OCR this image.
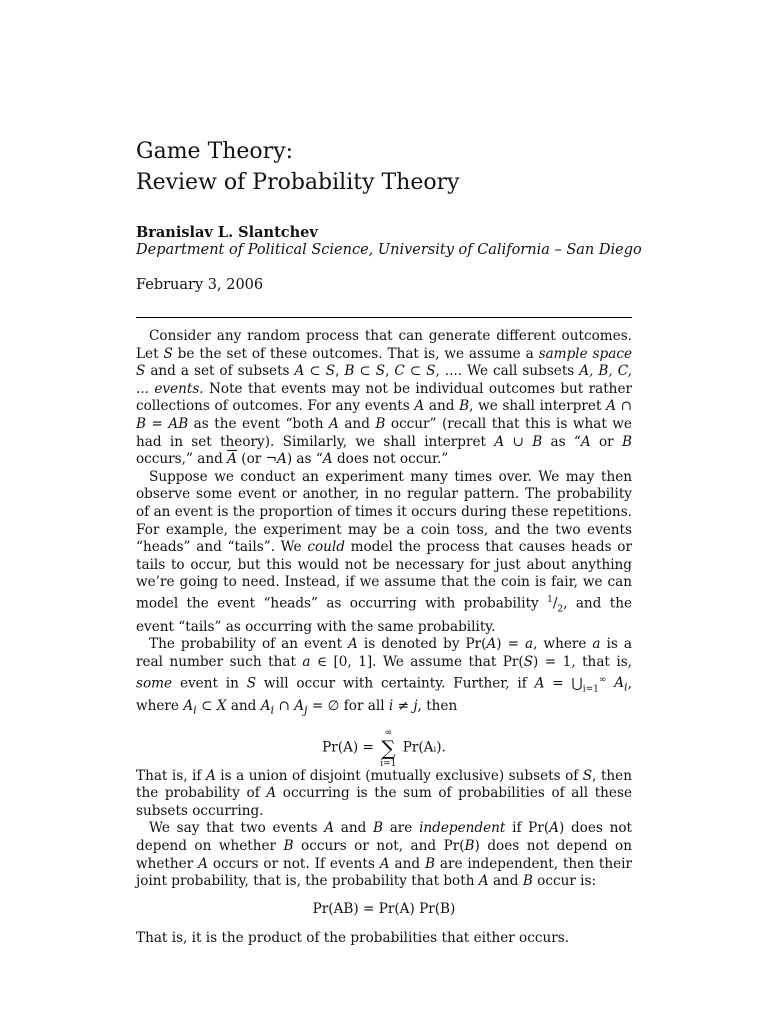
Game Theory:
Review of Probability Theory
Branislav L. Slantchev
Department of Political Science, University of California – San Diego
February 3, 2006

Consider any random process that can generate different outcomes. Let S be the set of these outcomes. That is, we assume a sample space S and a set of subsets A ⊂ S, B ⊂ S, C ⊂ S, .... We call subsets A, B, C, ... events. Note that events may not be individual outcomes but rather collections of outcomes. For any events A and B, we shall interpret A ∩ B = AB as the event “both A and B occur” (recall that this is what we had in set theory). Similarly, we shall interpret A ∪ B as “A or B occurs,” and $\overline{A}$ (or ¬A) as “A does not occur.”

Suppose we conduct an experiment many times over. We may then observe some event or another, in no regular pattern. The probability of an event is the proportion of times it occurs during these repetitions. For example, the experiment may be a coin toss, and the two events “heads” and “tails”. We could model the process that causes heads or tails to occur, but this would not be necessary for just about anything we’re going to need. Instead, if we assume that the coin is fair, we can model the event “heads” as occurring with probability $^1/_2$, and the event “tails” as occurring with the same probability.

The probability of an event A is denoted by Pr(A) = a, where a is a real number such that a ∈ [0, 1]. We assume that Pr(S) = 1, that is, some event in S will occur with certainty. Further, if $A = ⋃_{i=1}^\infty$ $A_i$, where $A_i$ ⊂ X and $A_i$ ∩ $A_j$ = ∅ for all i ≠ j, then

Pr(A) = ∞
∑
i=1 Pr(Aᵢ).

That is, if A is a union of disjoint (mutually exclusive) subsets of S, then the probability of A occurring is the sum of probabilities of all these subsets occurring.

We say that two events A and B are independent if Pr(A) does not depend on whether B occurs or not, and Pr(B) does not depend on whether A occurs or not. If events A and B are independent, then their joint probability, that is, the probability that both A and B occur is:

Pr(AB) = Pr(A) Pr(B)

That is, it is the product of the probabilities that either occurs.
